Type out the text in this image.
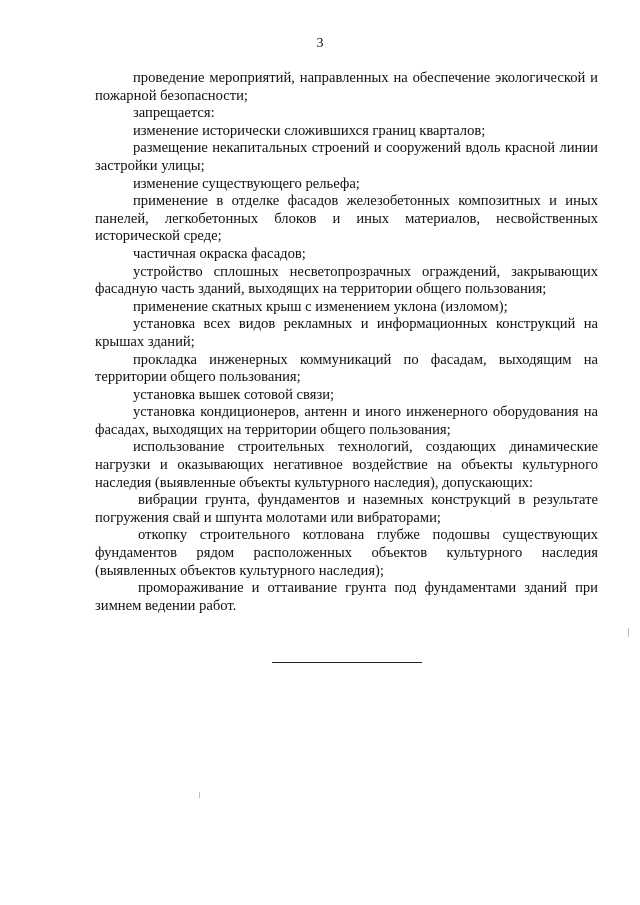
3

проведение мероприятий, направленных на обеспечение экологической и пожарной безопасности;

запрещается:

изменение исторически сложившихся границ кварталов;

размещение некапитальных строений и сооружений вдоль красной линии застройки улицы;

изменение существующего рельефа;

применение в отделке фасадов железобетонных композитных и иных панелей, легкобетонных блоков и иных материалов, несвойственных исторической среде;

частичная окраска фасадов;

устройство сплошных несветопрозрачных ограждений, закрывающих фасадную часть зданий, выходящих на территории общего пользования;

применение скатных крыш с изменением уклона (изломом);

установка всех видов рекламных и информационных конструкций на крышах зданий;

прокладка инженерных коммуникаций по фасадам, выходящим на территории общего пользования;

установка вышек сотовой связи;

установка кондиционеров, антенн и иного инженерного оборудования на фасадах, выходящих на территории общего пользования;

использование строительных технологий, создающих динамические нагрузки и оказывающих негативное воздействие на объекты культурного наследия (выявленные объекты культурного наследия), допускающих:

вибрации грунта, фундаментов и наземных конструкций в результате погружения свай и шпунта молотами или вибраторами;

откопку строительного котлована глубже подошвы существующих фундаментов рядом расположенных объектов культурного наследия (выявленных объектов культурного наследия);

промораживание и оттаивание грунта под фундаментами зданий при зимнем ведении работ.
